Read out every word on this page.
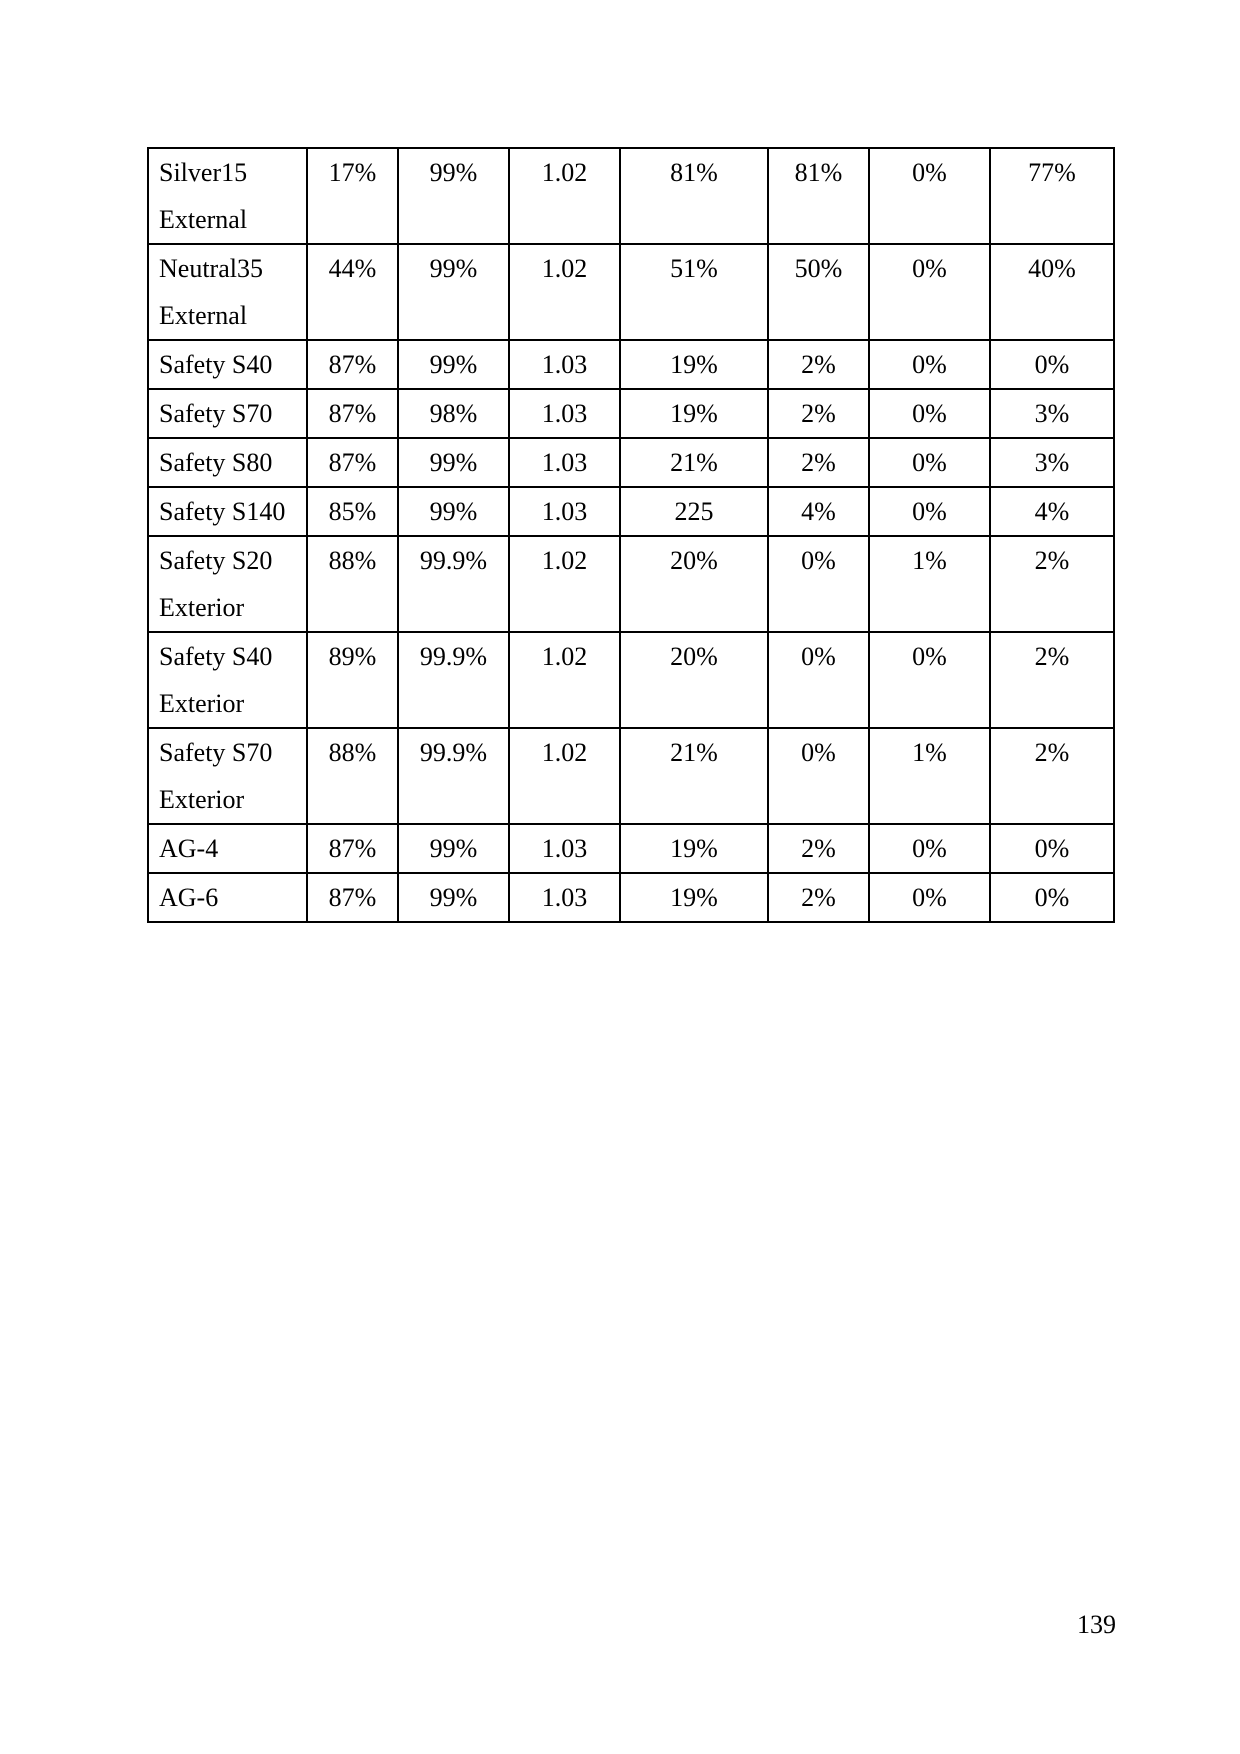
Silver15
External	17%	99%	1.02	81%	81%	0%	77%

Neutral35
External	44%	99%	1.02	51%	50%	0%	40%

Safety S40	87%	99%	1.03	19%	2%	0%	0%

Safety S70	87%	98%	1.03	19%	2%	0%	3%

Safety S80	87%	99%	1.03	21%	2%	0%	3%

Safety S140	85%	99%	1.03	225	4%	0%	4%

Safety S20
Exterior	88%	99.9%	1.02	20%	0%	1%	2%

Safety S40
Exterior	89%	99.9%	1.02	20%	0%	0%	2%

Safety S70
Exterior	88%	99.9%	1.02	21%	0%	1%	2%

AG-4	87%	99%	1.03	19%	2%	0%	0%

AG-6	87%	99%	1.03	19%	2%	0%	0%
139
